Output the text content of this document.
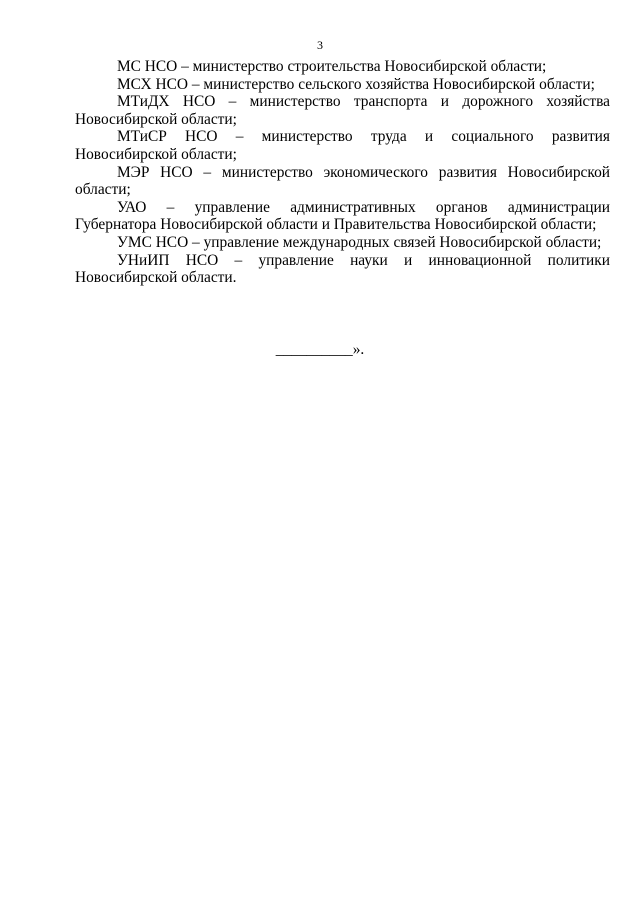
3

МС НСО – министерство строительства Новосибирской области;

МСХ НСО – министерство сельского хозяйства Новосибирской области;

МТиДХ НСО – министерство транспорта и дорожного хозяйства Новосибирской области;

МТиСР НСО – министерство труда и социального развития Новосибирской области;

МЭР НСО – министерство экономического развития Новосибирской области;

УАО – управление административных органов администрации Губернатора Новосибирской области и Правительства Новосибирской области;

УМС НСО – управление международных связей Новосибирской области;

УНиИП НСО – управление науки и инновационной политики Новосибирской области.

__________».
